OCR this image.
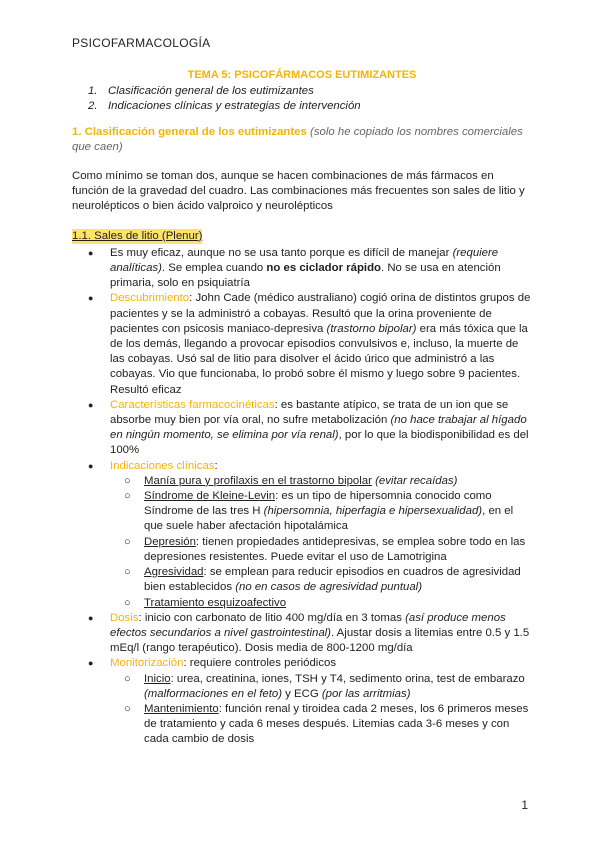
PSICOFARMACOLOGÍA
TEMA 5: PSICOFÁRMACOS EUTIMIZANTES
1. Clasificación general de los eutimizantes
2. Indicaciones clínicas y estrategias de intervención
1. Clasificación general de los eutimizantes (solo he copiado los nombres comerciales que caen)
Como mínimo se toman dos, aunque se hacen combinaciones de más fármacos en función de la gravedad del cuadro. Las combinaciones más frecuentes son sales de litio y neurolépticos o bien ácido valproico y neurolépticos
1.1. Sales de litio (Plenur)
● Es muy eficaz, aunque no se usa tanto porque es difícil de manejar (requiere analíticas). Se emplea cuando no es ciclador rápido. No se usa en atención primaria, solo en psiquiatría
● Descubrimiento: John Cade (médico australiano) cogió orina de distintos grupos de pacientes y se la administró a cobayas. Resultó que la orina proveniente de pacientes con psicosis maniaco-depresiva (trastorno bipolar) era más tóxica que la de los demás, llegando a provocar episodios convulsivos e, incluso, la muerte de las cobayas. Usó sal de litio para disolver el ácido úrico que administró a las cobayas. Vio que funcionaba, lo probó sobre él mismo y luego sobre 9 pacientes. Resultó eficaz
● Características farmacocinéticas: es bastante atípico, se trata de un ion que se absorbe muy bien por vía oral, no sufre metabolización (no hace trabajar al hígado en ningún momento, se elimina por vía renal), por lo que la biodisponibilidad es del 100%
● Indicaciones clínicas:
○ Manía pura y profilaxis en el trastorno bipolar (evitar recaídas)
○ Síndrome de Kleine-Levin: es un tipo de hipersomnia conocido como Síndrome de las tres H (hipersomnia, hiperfagia e hipersexualidad), en el que suele haber afectación hipotalámica
○ Depresión: tienen propiedades antidepresivas, se emplea sobre todo en las depresiones resistentes. Puede evitar el uso de Lamotrigina
○ Agresividad: se emplean para reducir episodios en cuadros de agresividad bien establecidos (no en casos de agresividad puntual)
○ Tratamiento esquizoafectivo
● Dosis: inicio con carbonato de litio 400 mg/día en 3 tomas (así produce menos efectos secundarios a nivel gastrointestinal). Ajustar dosis a litemias entre 0.5 y 1.5 mEq/l (rango terapéutico). Dosis media de 800-1200 mg/día
● Monitorización: requiere controles periódicos
○ Inicio: urea, creatinina, iones, TSH y T4, sedimento orina, test de embarazo (malformaciones en el feto) y ECG (por las arritmias)
○ Mantenimiento: función renal y tiroidea cada 2 meses, los 6 primeros meses de tratamiento y cada 6 meses después. Litemias cada 3-6 meses y con cada cambio de dosis
1
